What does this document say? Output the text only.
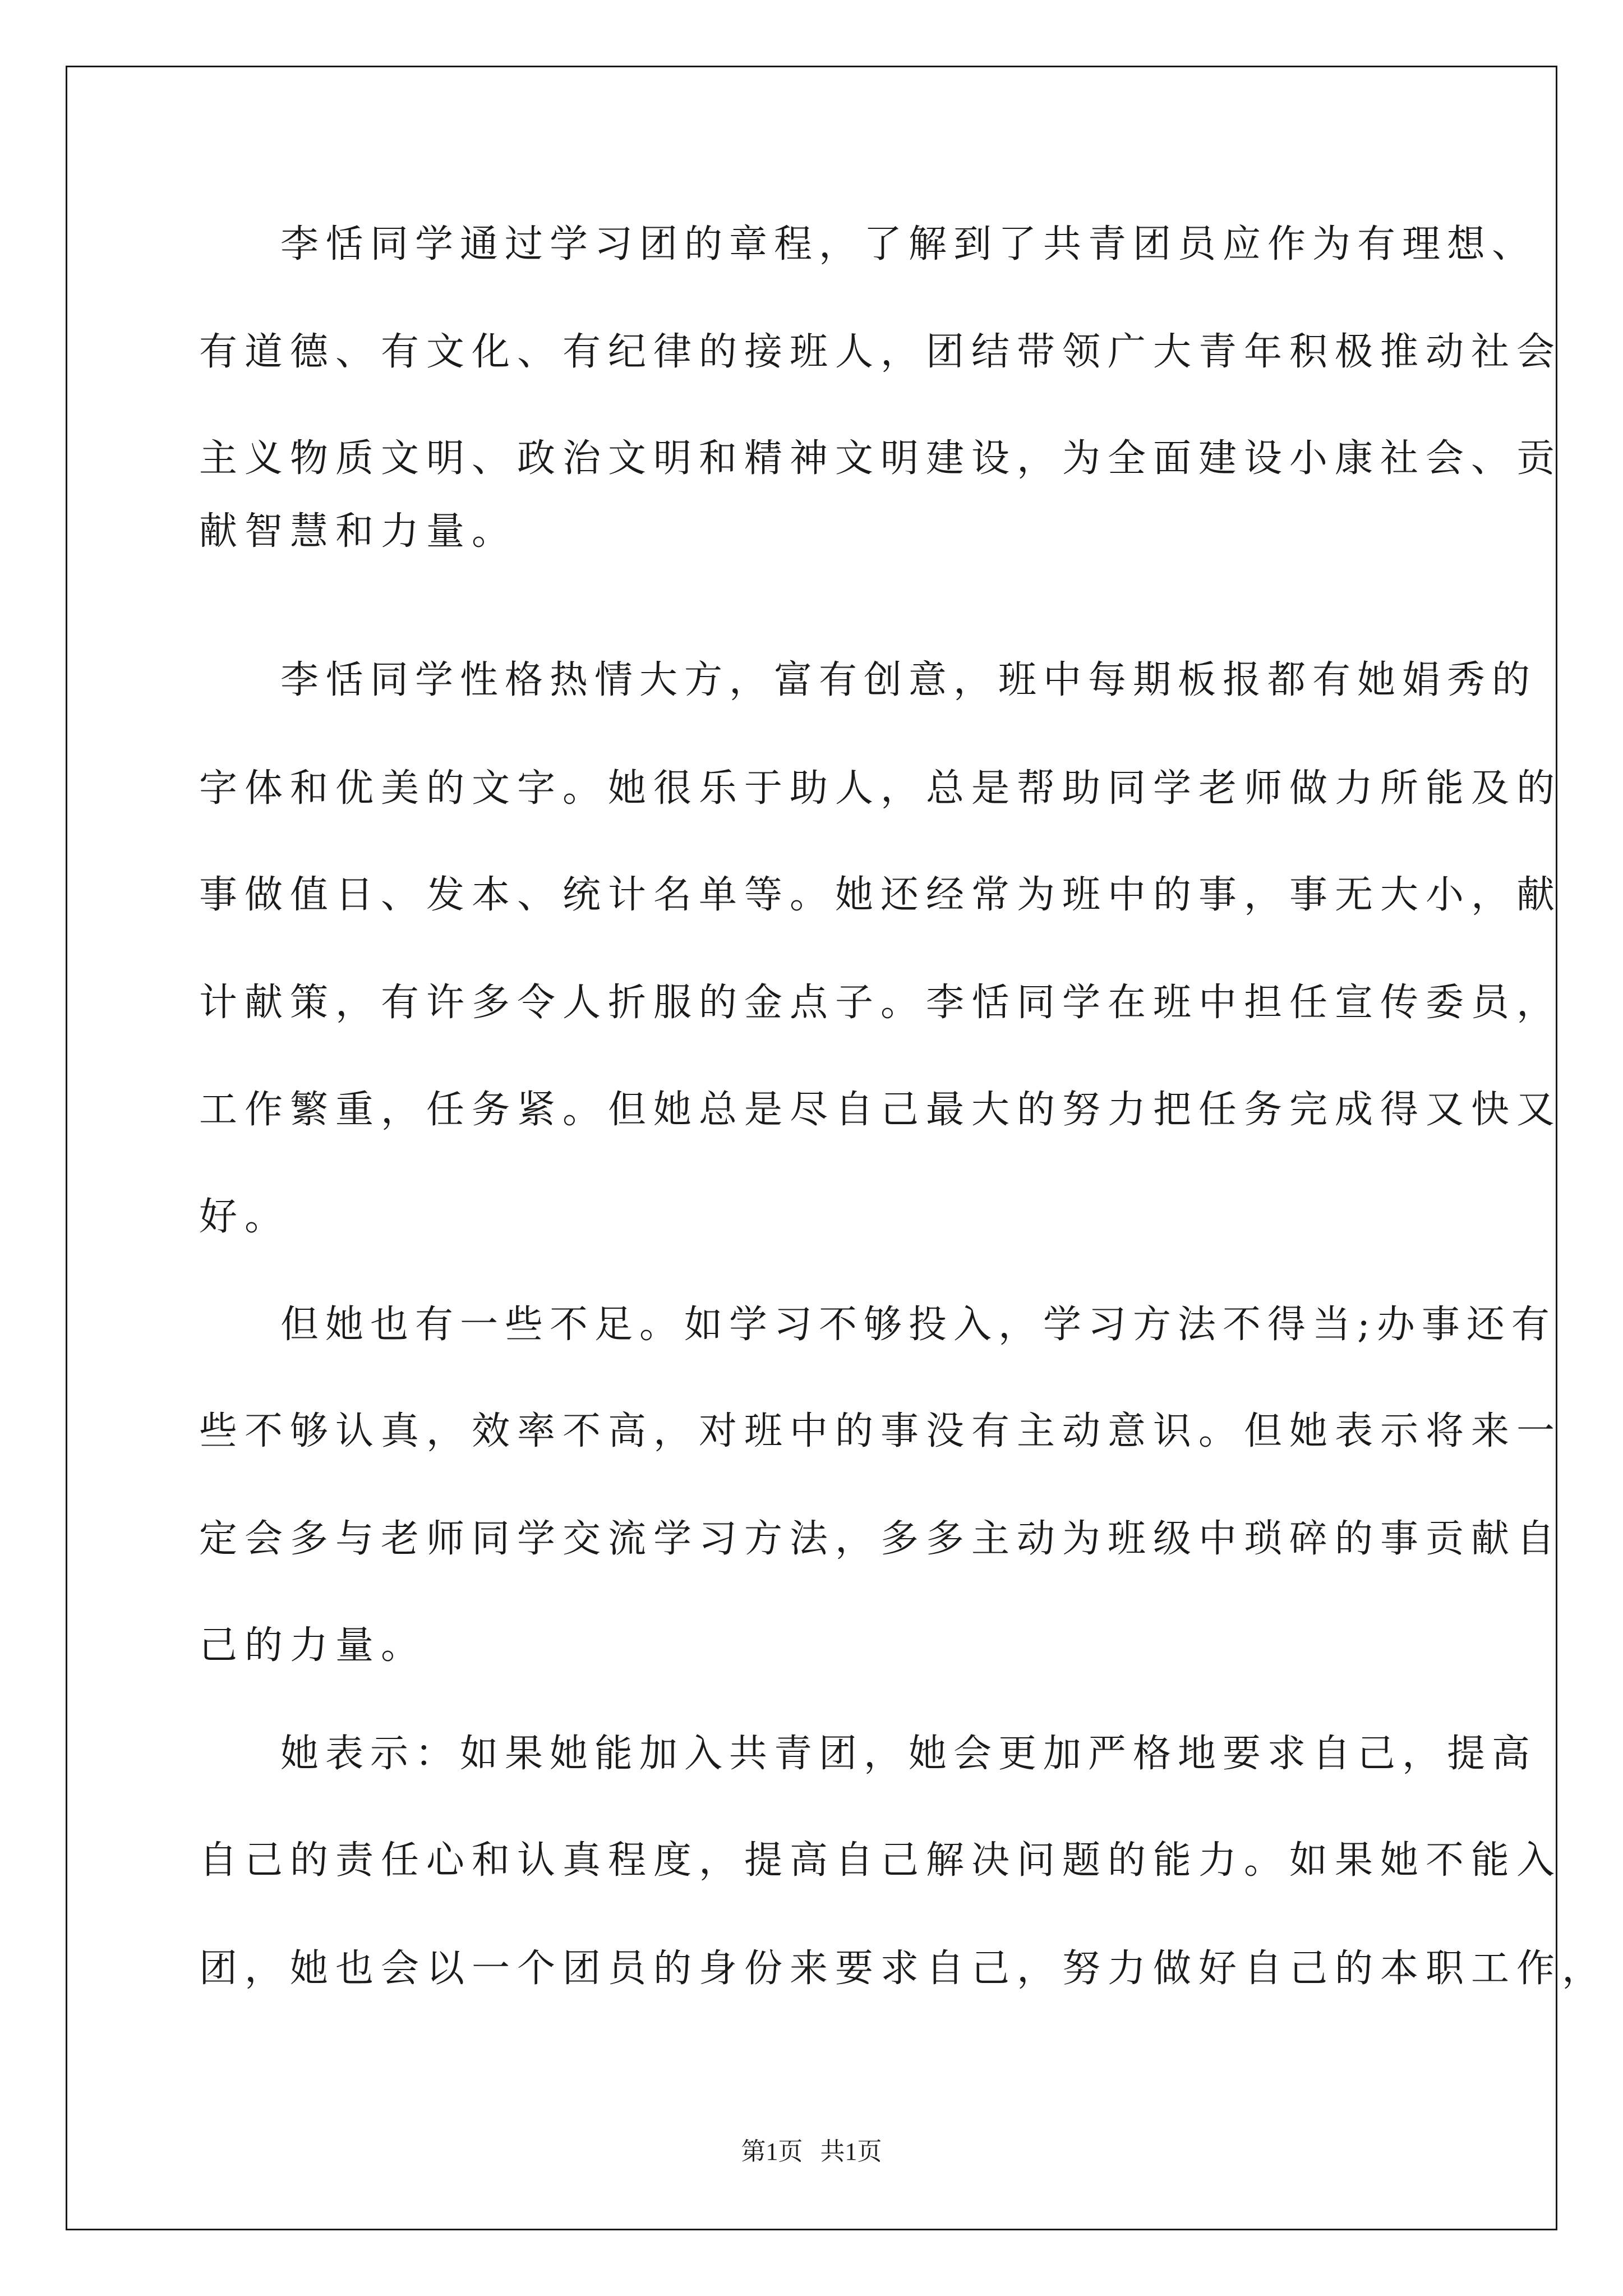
李恬同学通过学习团的章程，了解到了共青团员应作为有理想、
有道德、有文化、有纪律的接班人，团结带领广大青年积极推动社会
主义物质文明、政治文明和精神文明建设，为全面建设小康社会、贡
献智慧和力量。
李恬同学性格热情大方，富有创意，班中每期板报都有她娟秀的
字体和优美的文字。她很乐于助人，总是帮助同学老师做力所能及的
事做值日、发本、统计名单等。她还经常为班中的事，事无大小，献
计献策，有许多令人折服的金点子。李恬同学在班中担任宣传委员，
工作繁重，任务紧。但她总是尽自己最大的努力把任务完成得又快又
好。
但她也有一些不足。如学习不够投入，学习方法不得当;办事还有
些不够认真，效率不高，对班中的事没有主动意识。但她表示将来一
定会多与老师同学交流学习方法，多多主动为班级中琐碎的事贡献自
己的力量。
她表示：如果她能加入共青团，她会更加严格地要求自己，提高
自己的责任心和认真程度，提高自己解决问题的能力。如果她不能入
团，她也会以一个团员的身份来要求自己，努力做好自己的本职工作，
第1页 共1页
